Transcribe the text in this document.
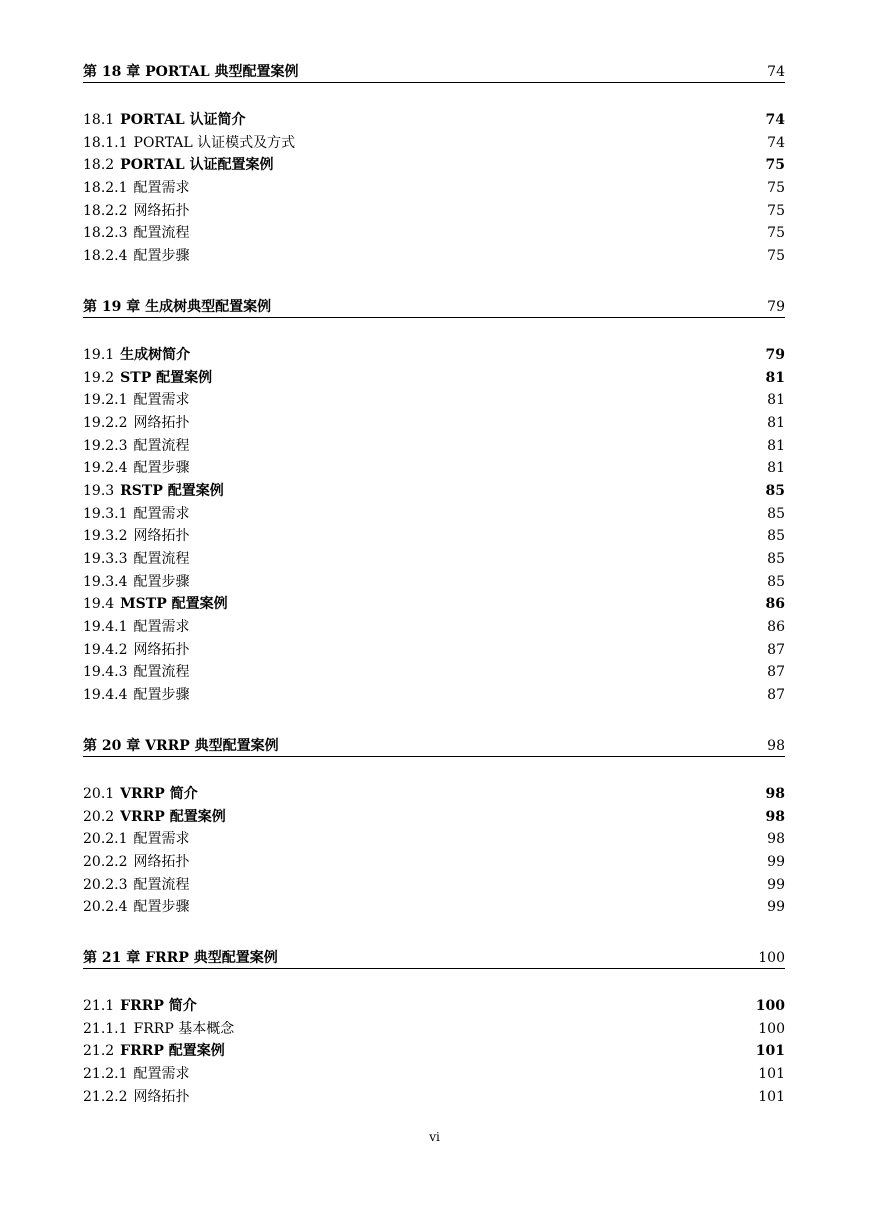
第 18 章 PORTAL 典型配置案例	74
18.1 PORTAL 认证简介	74
18.1.1 PORTAL 认证模式及方式	74
18.2 PORTAL 认证配置案例	75
18.2.1 配置需求	75
18.2.2 网络拓扑	75
18.2.3 配置流程	75
18.2.4 配置步骤	75
第 19 章 生成树典型配置案例	79
19.1 生成树简介	79
19.2 STP 配置案例	81
19.2.1 配置需求	81
19.2.2 网络拓扑	81
19.2.3 配置流程	81
19.2.4 配置步骤	81
19.3 RSTP 配置案例	85
19.3.1 配置需求	85
19.3.2 网络拓扑	85
19.3.3 配置流程	85
19.3.4 配置步骤	85
19.4 MSTP 配置案例	86
19.4.1 配置需求	86
19.4.2 网络拓扑	87
19.4.3 配置流程	87
19.4.4 配置步骤	87
第 20 章 VRRP 典型配置案例	98
20.1 VRRP 简介	98
20.2 VRRP 配置案例	98
20.2.1 配置需求	98
20.2.2 网络拓扑	99
20.2.3 配置流程	99
20.2.4 配置步骤	99
第 21 章 FRRP 典型配置案例	100
21.1 FRRP 简介	100
21.1.1 FRRP 基本概念	100
21.2 FRRP 配置案例	101
21.2.1 配置需求	101
21.2.2 网络拓扑	101
vi
